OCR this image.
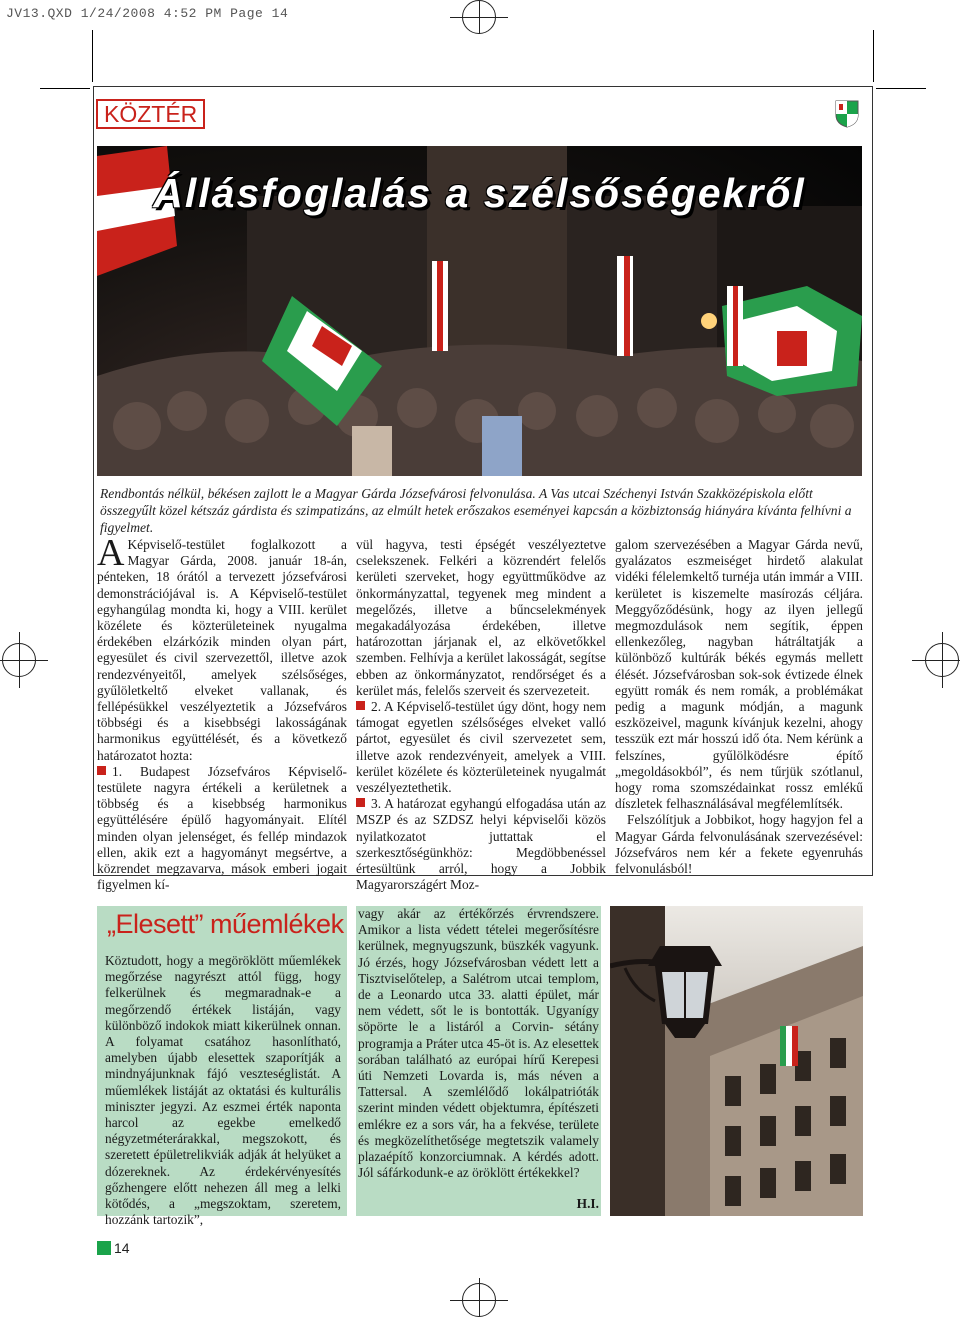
JV13.QXD 1/24/2008 4:52 PM Page 14
KÖZTÉR
Állásfoglalás a szélsőségekről
Rendbontás nélkül, békésen zajlott le a Magyar Gárda Józsefvárosi felvonulása. A Vas utcai Széchenyi István Szakközépiskola előtt összegyűlt közel kétszáz gárdista és szimpatizáns, az elmúlt hetek erőszakos eseményei kapcsán a közbiztonság hiányára kívánta felhívni a figyelmet.

A Képviselő-testület foglalkozott a Magyar Gárda, 2008. január 18-án, pénteken, 18 órától a tervezett józsefvárosi demonstrációjával is. A Képviselő-testület egyhangúlag mondta ki, hogy a VIII. kerület közélete és közterületeinek nyugalma érdekében elzárkózik minden olyan párt, egyesület és civil szervezettől, illetve azok rendezvényeitől, amelyek szélsőséges, gyűlöletkeltő elveket vallanak, és fellépésükkel veszélyeztetik a Józsefváros többségi és a kisebbségi lakosságának harmonikus együttélését, és a következő határozatot hozta:

1. Budapest Józsefváros Képviselő-testülete nagyra értékeli a kerületnek a többség és a kisebbség harmonikus együttélésére épülő hagyományait. Elítél minden olyan jelenséget, és fellép mindazok ellen, akik ezt a hagyományt megsértve, a közrendet megzavarva, mások emberi jogait figyelmen kí-

vül hagyva, testi épségét veszélyeztetve cselekszenek. Felkéri a közrendért felelős kerületi szerveket, hogy együttműködve az önkormányzattal, tegyenek meg mindent a megelőzés, illetve a bűncselekmények megakadályozása érdekében, illetve határozottan járjanak el, az elkövetőkkel szemben. Felhívja a kerület lakosságát, segítse ebben az önkormányzatot, rendőrséget és a kerület más, felelős szerveit és szervezeteit.

2. A Képviselő-testület úgy dönt, hogy nem támogat egyetlen szélsőséges elveket valló pártot, egyesület és civil szervezetet sem, illetve azok rendezvényeit, amelyek a VIII. kerület közélete és közterületeinek nyugalmát veszélyeztethetik.

3. A határozat egyhangú elfogadása után az MSZP és az SZDSZ helyi képviselői közös nyilatkozatot juttattak el szerkesztőségünkhöz: Megdöbbenéssel értesültünk arról, hogy a Jobbik Magyarországért Moz-

galom szervezésében a Magyar Gárda nevű, gyalázatos eszmeiséget hirdető alakulat vidéki félelemkeltő turnéja után immár a VIII. kerületet is kiszemelte masírozás céljára. Meggyőződésünk, hogy az ilyen jellegű megmozdulások nem segítik, éppen ellenkezőleg, nagyban hátráltatják a különböző kultúrák békés egymás mellett élését. Józsefvárosban sok-sok évtizede élnek együtt romák és nem romák, a problémákat pedig a magunk módján, a magunk eszközeivel, magunk kívánjuk kezelni, ahogy tesszük ezt már hosszú idő óta. Nem kérünk a felszínes, gyűlölködésre építő „megoldásokból”, és nem tűrjük szótlanul, hogy roma szomszédainkat rossz emlékű díszletek felhasználásával megfélemlítsék.

Felszólítjuk a Jobbikot, hogy hagyjon fel a Magyar Gárda felvonulásának szervezésével: Józsefváros nem kér a fekete egyenruhás felvonulásból!

„Elesett” műemlékek

Köztudott, hogy a megöröklött műemlékek megőrzése nagyrészt attól függ, hogy felkerülnek és megmaradnak-e a megőrzendő értékek listáján, vagy különböző indokok miatt kikerülnek onnan. A folyamat csatához hasonlítható, amelyben újabb elesettek szaporítják a mindnyájunknak fájó veszteséglistát. A műemlékek listáját az oktatási és kulturális miniszter jegyzi. Az eszmei érték naponta harcol az egekbe emelkedő négyzetméterárakkal, megszokott, és szeretett épületrelikviák adják át helyüket a dózereknek. Az érdekérvényesítés gőzhengere előtt nehezen áll meg a lelki kötődés, a „megszoktam, szeretem, hozzánk tartozik”,

vagy akár az értékőrzés érvrendszere. Amikor a lista védett tételei megerősítésre kerülnek, megnyugszunk, büszkék vagyunk. Jó érzés, hogy Józsefvárosban védett lett a Tisztviselőtelep, a Salétrom utcai templom, de a Leonardo utca 33. alatti épület, már nem védett, sőt le is bontották. Ugyanígy söpörte le a listáról a Corvin- sétány programja a Práter utca 45-öt is. Az elesettek sorában található az európai hírű Kerepesi úti Nemzeti Lovarda is, más néven a Tattersal. A szemlélődő lokálpatrióták szerint minden védett objektumra, építészeti emlékre ez a sors vár, ha a fekvése, területe és megközelíthetősége megtetszik valamely plazaépítő konzorciumnak. A kérdés adott. Jól sáfárkodunk-e az öröklött értékekkel?
H.I.
14
